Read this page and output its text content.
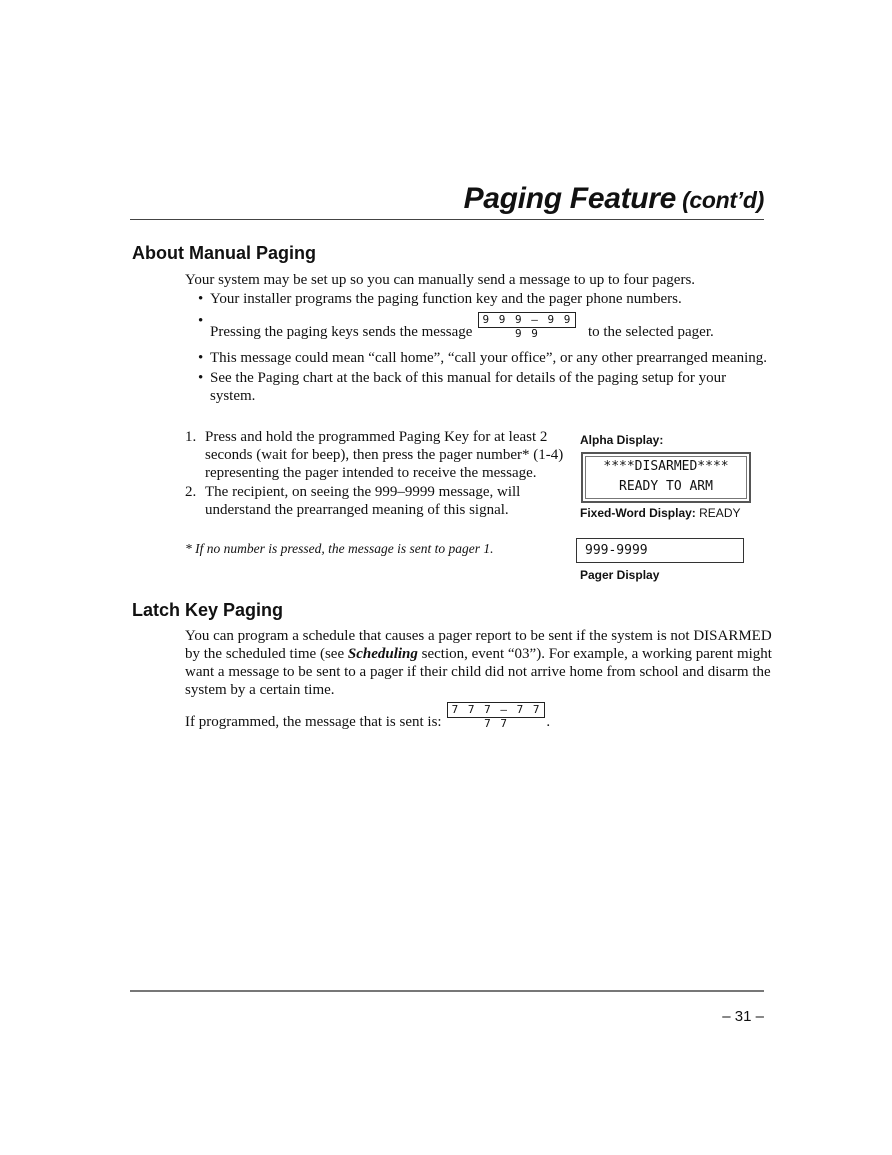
Paging Feature (cont’d)
About Manual Paging
Your system may be set up so you can manually send a message to up to four pagers.
• Your installer programs the paging function key and the pager phone numbers.
• Pressing the paging keys sends the message 9 9 9 – 9 9 9 9	to the selected pager.
• This message could mean “call home”, “call your office”, or any other prearranged meaning.
• See the Paging chart at the back of this manual for details of the paging setup for your system.
1. Press and hold the programmed Paging Key for at least 2 seconds (wait for beep), then press the pager number* (1-4) representing the pager intended to receive the message.
2. The recipient, on seeing the 999–9999 message, will understand the prearranged meaning of this signal.
* If no number is pressed, the message is sent to pager 1.
Alpha Display:
****DISARMED****
READY TO ARM
Fixed-Word Display: READY
999-9999
Pager Display
Latch Key Paging
You can program a schedule that causes a pager report to be sent if the system is not DISARMED by the scheduled time (see Scheduling section, event “03”). For example, a working parent might want a message to be sent to a pager if their child did not arrive home from school and disarm the system by a certain time.
If programmed, the message that is sent is: 7 7 7 – 7 7 7 7	.
– 31 –
